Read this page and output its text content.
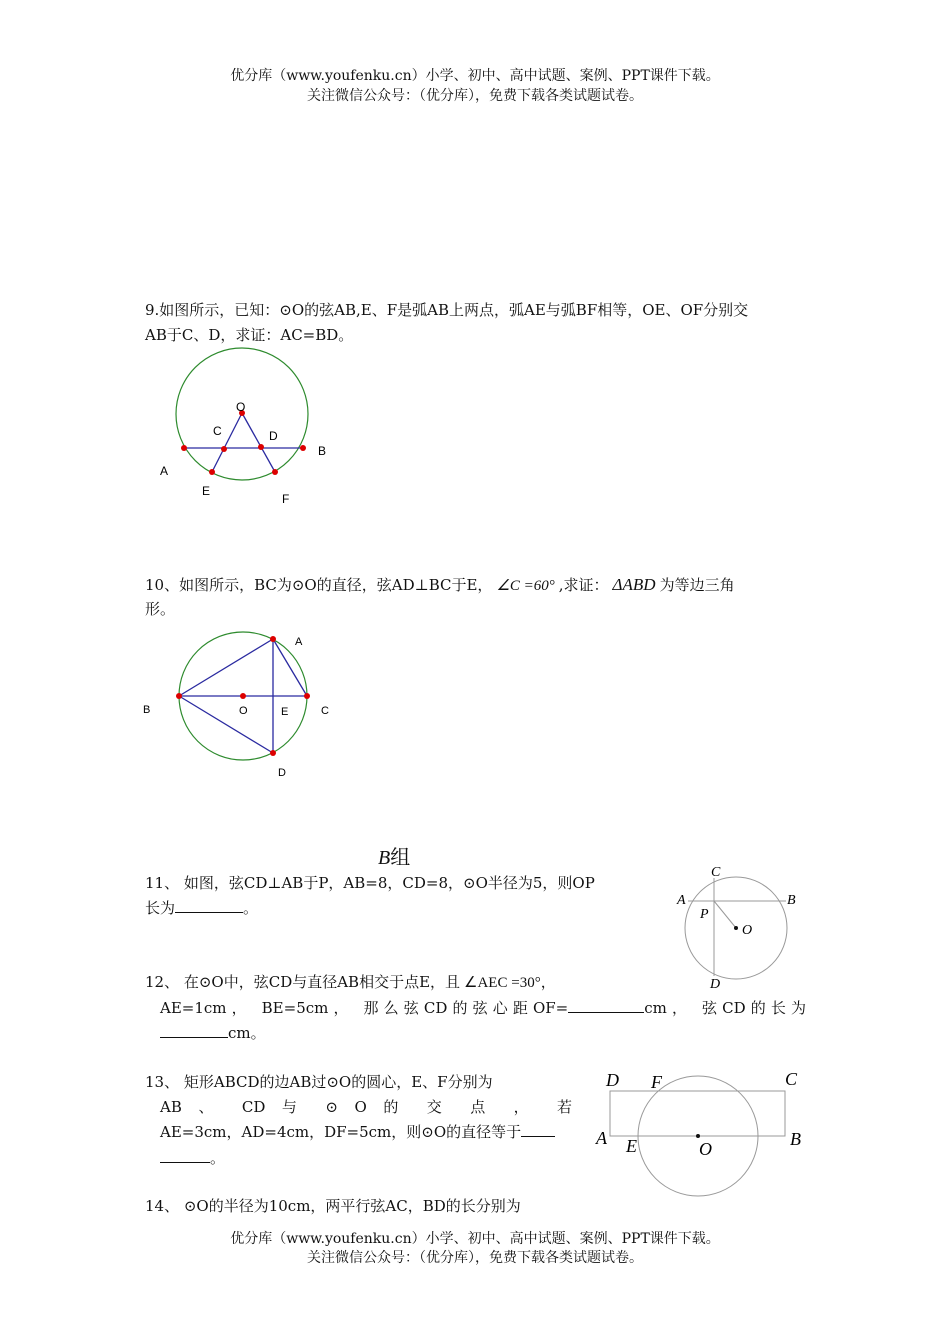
优分库（www.youfenku.cn）小学、初中、高中试题、案例、PPT课件下载。
关注微信公众号：（优分库），免费下载各类试题试卷。
9.如图所示，已知：⊙O的弦AB,E、F是弧AB上两点，弧AE与弧BF相等，OE、OF分别交
AB于C、D，求证：AC=BD。
O
C	D
B
A
E
F
10、如图所示，BC为⊙O的直径，弦AD⊥BC于E， ∠C =60° ,求证： ΔABD 为等边三角
形。
A
B	O	E	C
D
B组
11、 如图，弦CD⊥AB于P，AB=8，CD=8，⊙O半径为5，则OP
长为	。
C
A	B
P
O
D
12、 在⊙O中，弦CD与直径AB相交于点E，且 ∠AEC =30°，
AE=1cm， BE=5cm， 那么弦CD的弦心距OF=	cm， 弦CD的长为
cm。
13、 矩形ABCD的边AB过⊙O的圆心，E、F分别为
AB 、 CD 与 ⊙ O 的 交 点 ， 若
AE=3cm，AD=4cm，DF=5cm，则⊙O的直径等于
。
D F	C
A E	O	B
14、 ⊙O的半径为10cm，两平行弦AC，BD的长分别为
优分库（www.youfenku.cn）小学、初中、高中试题、案例、PPT课件下载。
关注微信公众号：（优分库），免费下载各类试题试卷。
